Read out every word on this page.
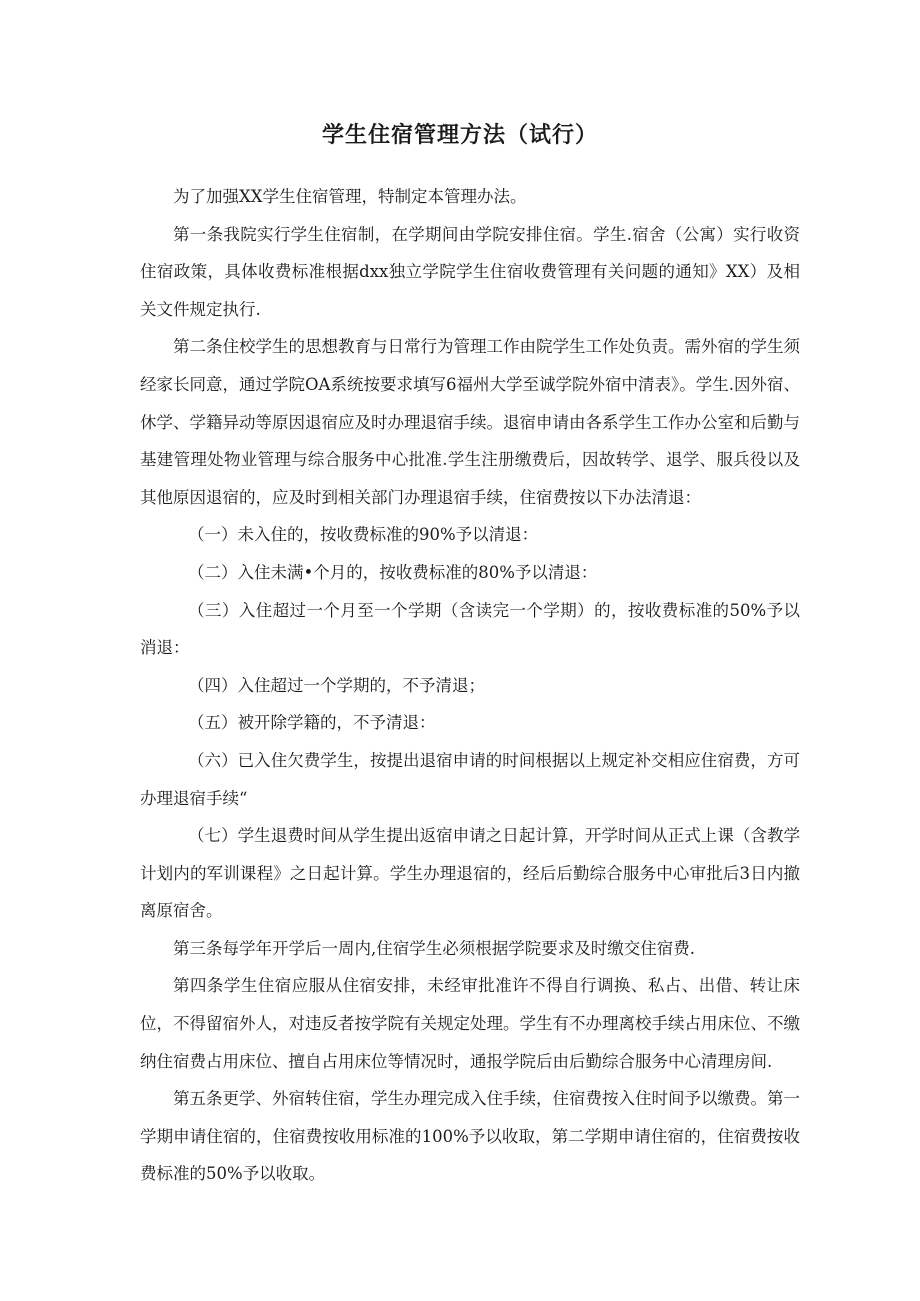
学生住宿管理方法（试行）

为了加强XX学生住宿管理，特制定本管理办法。

第一条我院实行学生住宿制，在学期间由学院安排住宿。学生.宿舍（公寓）实行收资住宿政策，具体收费标准根据dxx独立学院学生住宿收费管理有关问题的通知》XX）及相关文件规定执行.

第二条住校学生的思想教育与日常行为管理工作由院学生工作处负责。需外宿的学生须经家长同意，通过学院OA系统按要求填写6福州大学至诚学院外宿中清表》。学生.因外宿、休学、学籍异动等原因退宿应及时办理退宿手续。退宿申请由各系学生工作办公室和后勤与基建管理处物业管理与综合服务中心批准.学生注册缴费后，因故转学、退学、服兵役以及其他原因退宿的，应及时到相关部门办理退宿手续，住宿费按以下办法清退：

（一）未入住的，按收费标准的90%予以清退：

（二）入住未满•个月的，按收费标准的80%予以清退：

（三）入住超过一个月至一个学期（含读完一个学期）的，按收费标准的50%予以消退：

（四）入住超过一个学期的，不予清退；

（五）被开除学籍的，不予清退：

（六）已入住欠费学生，按提出退宿申请的时间根据以上规定补交相应住宿费，方可办理退宿手续“

（七）学生退费时间从学生提出返宿申请之日起计算，开学时间从正式上课（含教学计划内的军训课程》之日起计算。学生办理退宿的，经后后勤综合服务中心审批后3日内撤离原宿舍。

第三条每学年开学后一周内,住宿学生必须根据学院要求及时缴交住宿费.

第四条学生住宿应服从住宿安排，未经审批准许不得自行调换、私占、出借、转让床位，不得留宿外人，对违反者按学院有关规定处理。学生有不办理离校手续占用床位、不缴纳住宿费占用床位、擅自占用床位等情况时，通报学院后由后勤综合服务中心清理房间.

第五条更学、外宿转住宿，学生办理完成入住手续，住宿费按入住时间予以缴费。第一学期申请住宿的，住宿费按收用标准的100%予以收取，第二学期申请住宿的，住宿费按收费标准的50%予以收取。
